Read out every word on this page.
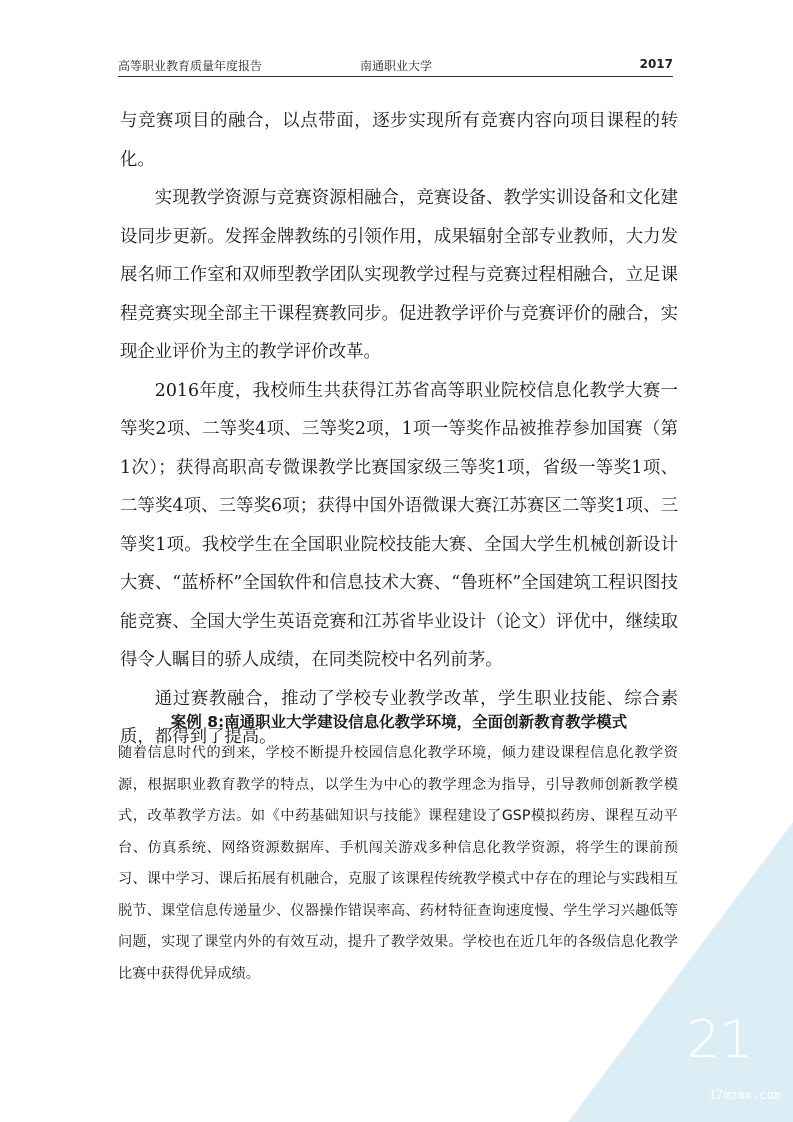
高等职业教育质量年度报告	南通职业大学	2017

与竞赛项目的融合，以点带面，逐步实现所有竞赛内容向项目课程的转化。

实现教学资源与竞赛资源相融合，竞赛设备、教学实训设备和文化建设同步更新。发挥金牌教练的引领作用，成果辐射全部专业教师，大力发展名师工作室和双师型教学团队实现教学过程与竞赛过程相融合，立足课程竞赛实现全部主干课程赛教同步。促进教学评价与竞赛评价的融合，实现企业评价为主的教学评价改革。

2016年度，我校师生共获得江苏省高等职业院校信息化教学大赛一等奖2项、二等奖4项、三等奖2项，1项一等奖作品被推荐参加国赛（第1次）；获得高职高专微课教学比赛国家级三等奖1项，省级一等奖1项、二等奖4项、三等奖6项；获得中国外语微课大赛江苏赛区二等奖1项、三等奖1项。我校学生在全国职业院校技能大赛、全国大学生机械创新设计大赛、“蓝桥杯”全国软件和信息技术大赛、“鲁班杯”全国建筑工程识图技能竞赛、全国大学生英语竞赛和江苏省毕业设计（论文）评优中，继续取得令人瞩目的骄人成绩，在同类院校中名列前茅。

通过赛教融合，推动了学校专业教学改革，学生职业技能、综合素质，都得到了提高。

案例 8:南通职业大学建设信息化教学环境，全面创新教育教学模式
随着信息时代的到来，学校不断提升校园信息化教学环境，倾力建设课程信息化教学资源，根据职业教育教学的特点，以学生为中心的教学理念为指导，引导教师创新教学模式，改革教学方法。如《中药基础知识与技能》课程建设了GSP模拟药房、课程互动平台、仿真系统、网络资源数据库、手机闯关游戏多种信息化教学资源，将学生的课前预习、课中学习、课后拓展有机融合，克服了该课程传统教学模式中存在的理论与实践相互脱节、课堂信息传递量少、仪器操作错误率高、药材特征查询速度慢、学生学习兴趣低等问题，实现了课堂内外的有效互动，提升了教学效果。学校也在近几年的各级信息化教学比赛中获得优异成绩。
21
17mzmx.com
